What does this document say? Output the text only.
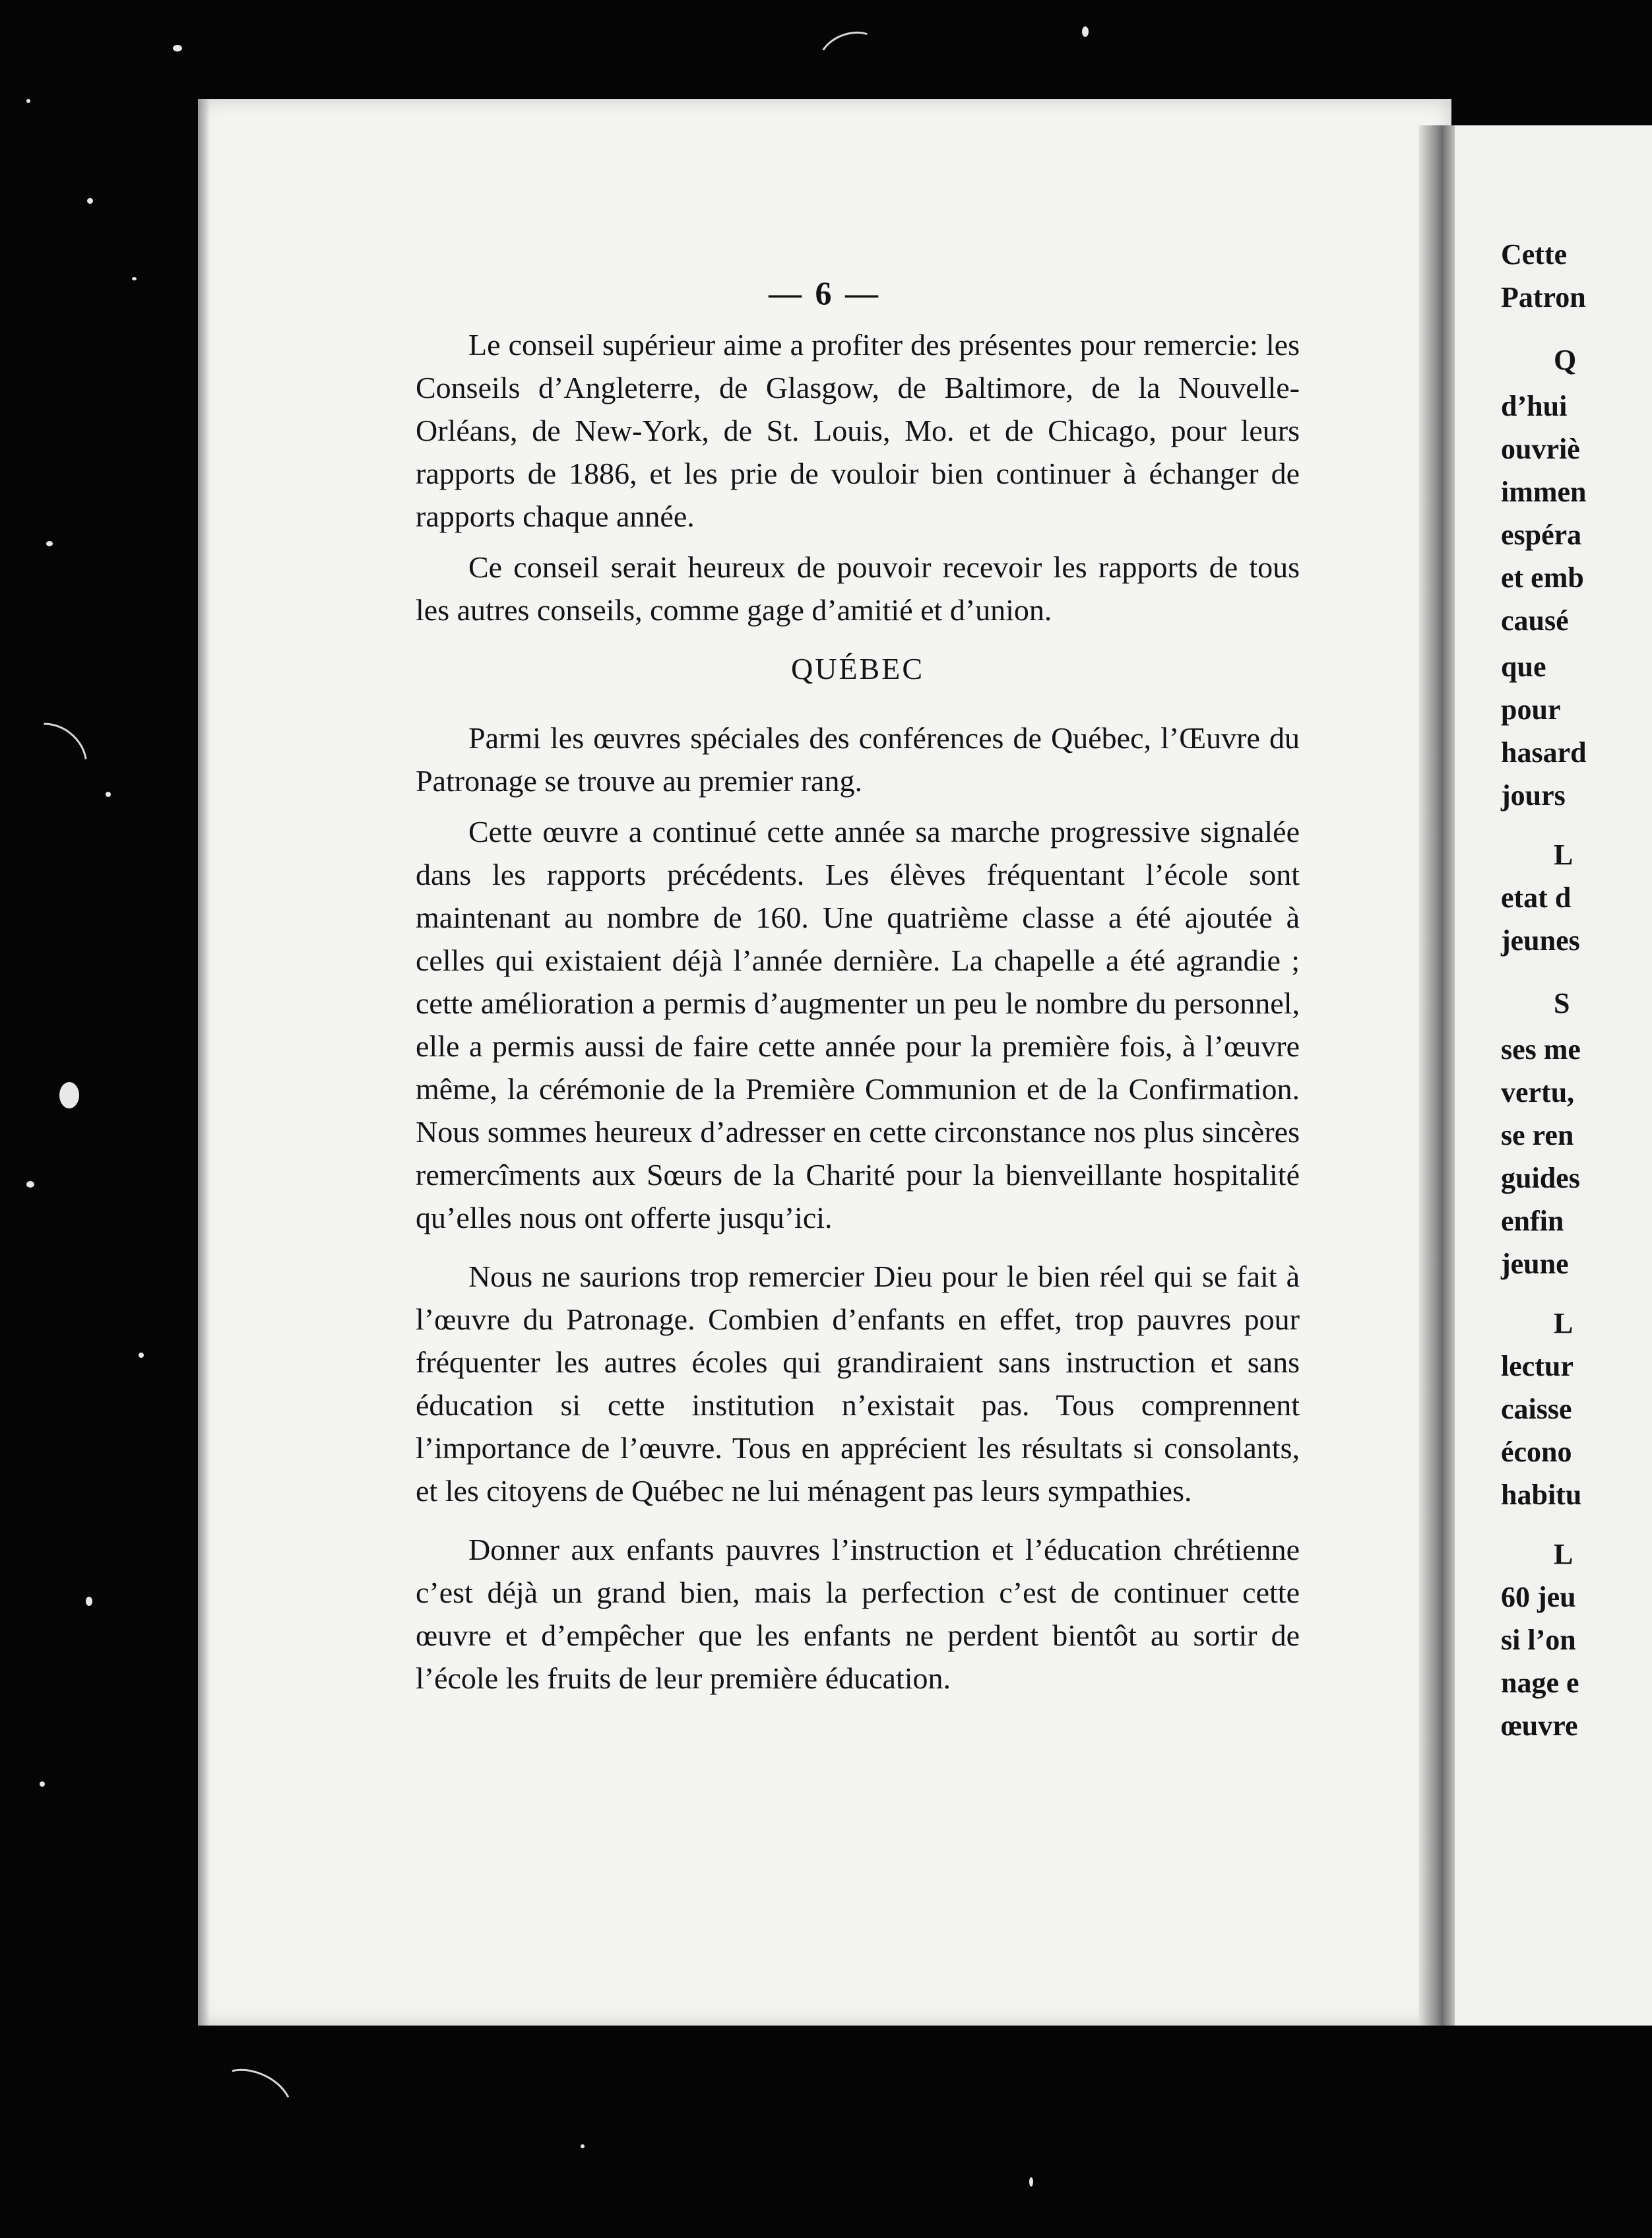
— 6 —

Le conseil supérieur aime a profiter des présentes pour remercie: les Conseils d’Angleterre, de Glasgow, de Baltimore, de la Nouvelle-Orléans, de New-York, de St. Louis, Mo. et de Chicago, pour leurs rapports de 1886, et les prie de vouloir bien continuer à échanger de rapports chaque année.

Ce conseil serait heureux de pouvoir recevoir les rapports de tous les autres conseils, comme gage d’amitié et d’union.

QUÉBEC

Parmi les œuvres spéciales des conférences de Québec, l’Œuvre du Patronage se trouve au premier rang.

Cette œuvre a continué cette année sa marche progressive signalée dans les rapports précédents. Les élèves fréquentant l’école sont maintenant au nombre de 160. Une quatrième classe a été ajoutée à celles qui existaient déjà l’année dernière. La chapelle a été agrandie ; cette amélioration a permis d’augmenter un peu le nombre du personnel, elle a permis aussi de faire cette année pour la première fois, à l’œuvre même, la cérémonie de la Première Communion et de la Confirmation. Nous sommes heureux d’adresser en cette circonstance nos plus sincères remercîments aux Sœurs de la Charité pour la bienveillante hospitalité qu’elles nous ont offerte jusqu’ici.

Nous ne saurions trop remercier Dieu pour le bien réel qui se fait à l’œuvre du Patronage. Combien d’enfants en effet, trop pauvres pour fréquenter les autres écoles qui grandiraient sans instruction et sans éducation si cette institution n’existait pas. Tous comprennent l’importance de l’œuvre. Tous en apprécient les résultats si consolants, et les citoyens de Québec ne lui ménagent pas leurs sympathies.

Donner aux enfants pauvres l’instruction et l’éducation chrétienne c’est déjà un grand bien, mais la perfection c’est de continuer cette œuvre et d’empêcher que les enfants ne perdent bientôt au sortir de l’école les fruits de leur première éducation.

Cette
Patron
Q
d’hui
ouvriè
immen
espéra
et emb
causé
que
pour
hasard
jours
L
etat d
jeunes
S
ses me
vertu,
se ren
guides
enfin
jeune
L
lectur
caisse
écono
habitu
L
60 jeu
si l’on
nage e
œuvre
